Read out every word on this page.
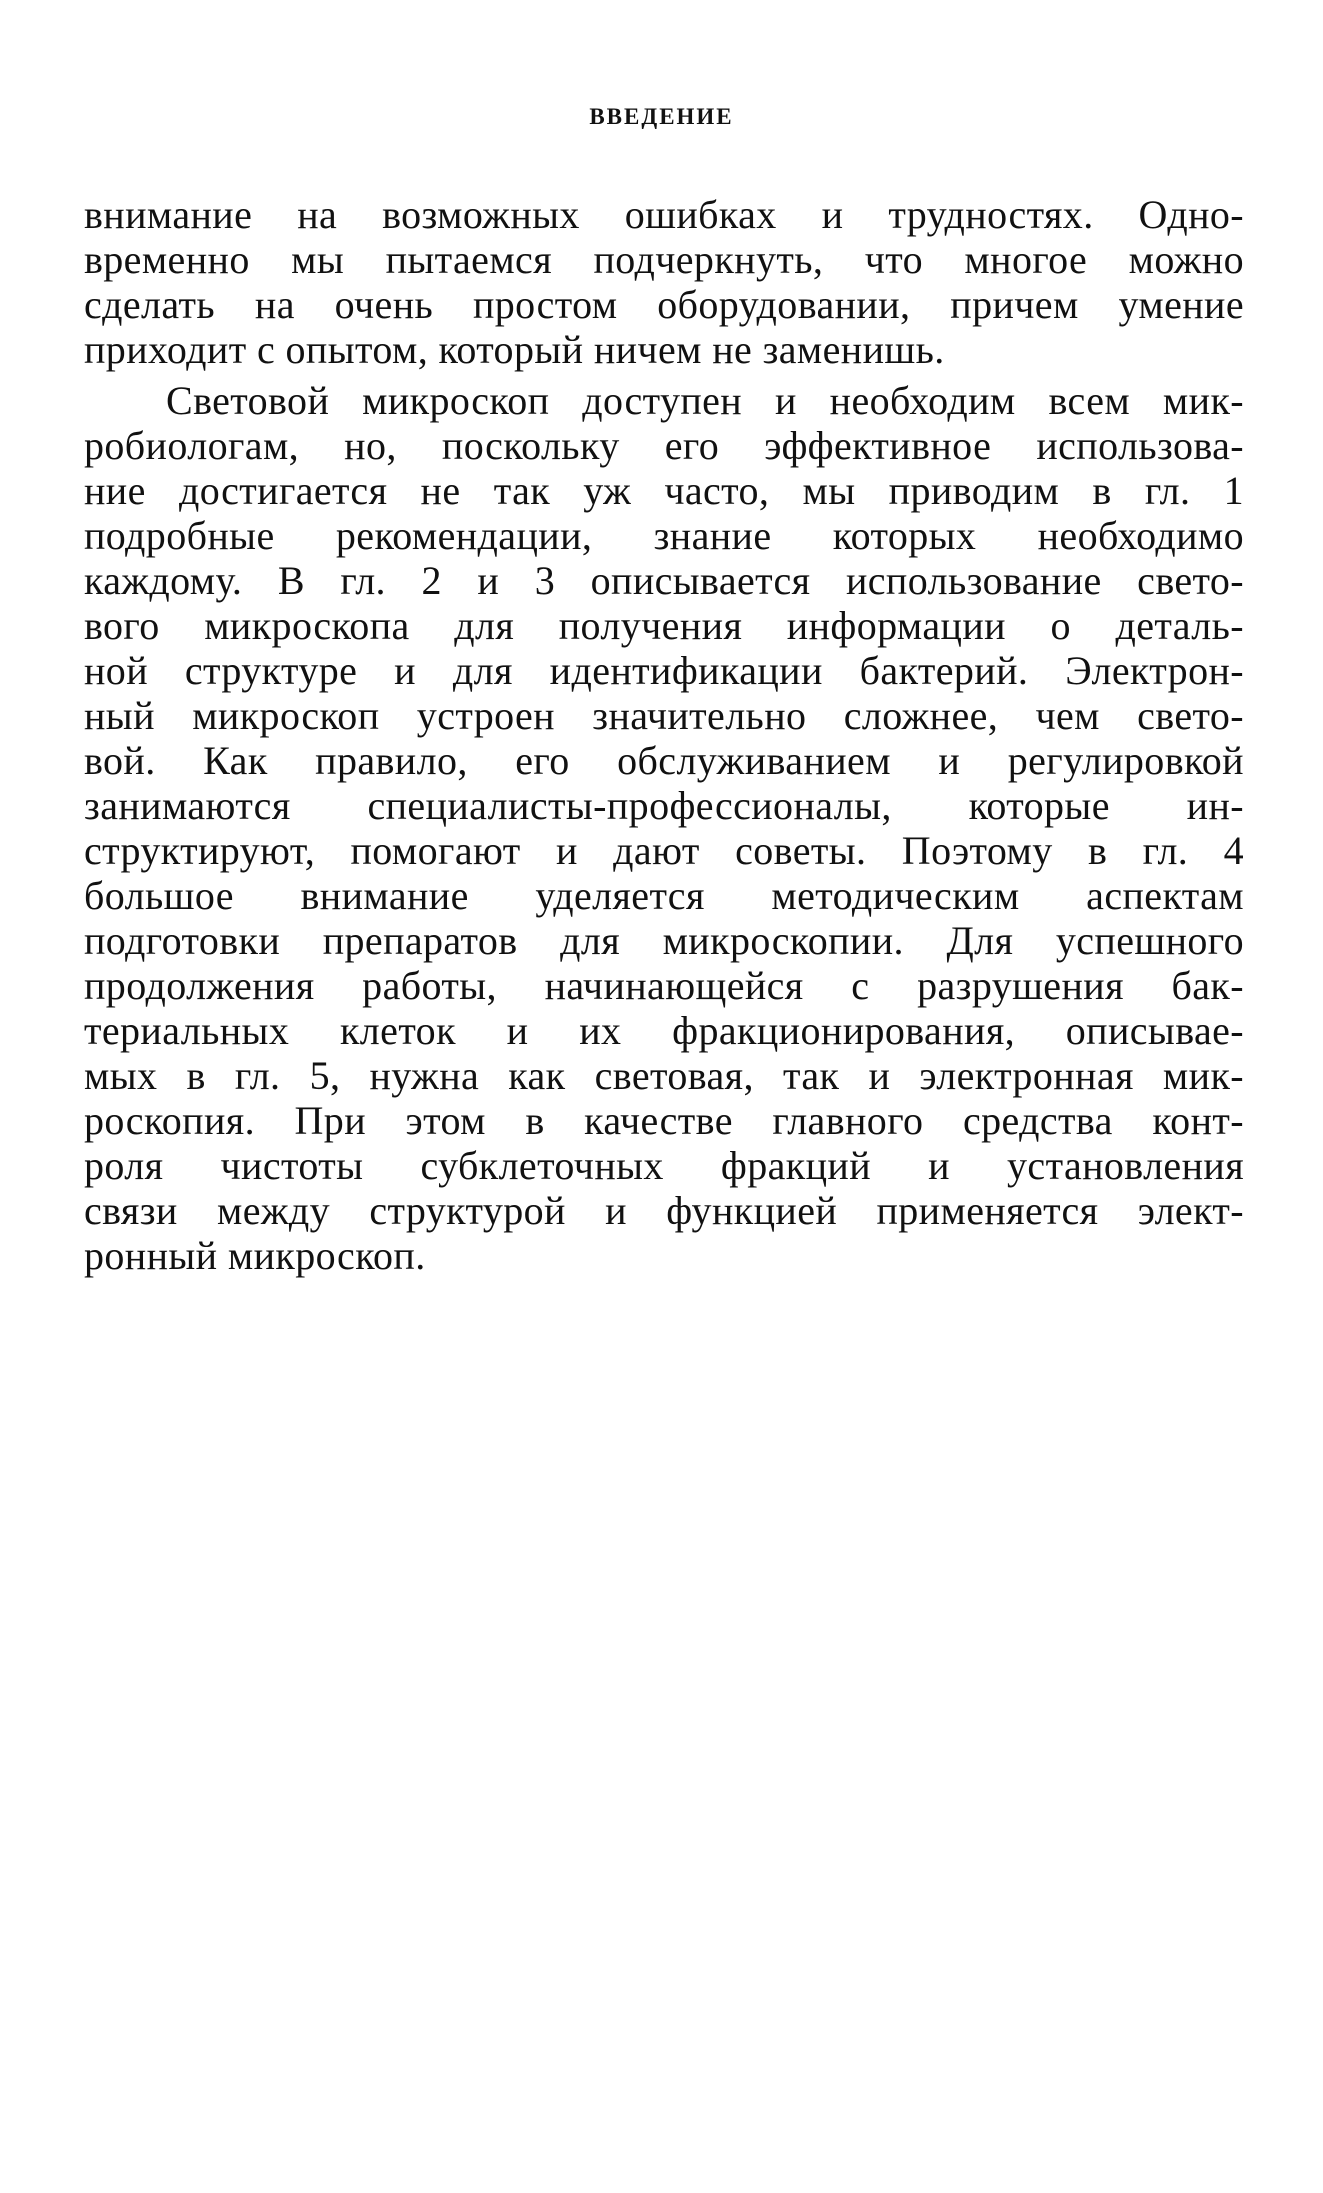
ВВЕДЕНИЕ
внимание на возможных ошибках и трудностях. Одно-
временно мы пытаемся подчеркнуть, что многое можно
сделать на очень простом оборудовании, причем умение
приходит с опытом, который ничем не заменишь.
Световой микроскоп доступен и необходим всем мик-
робиологам, но, поскольку его эффективное использова-
ние достигается не так уж часто, мы приводим в гл. 1
подробные рекомендации, знание которых необходимо
каждому. В гл. 2 и 3 описывается использование свето-
вого микроскопа для получения информации о деталь-
ной структуре и для идентификации бактерий. Электрон-
ный микроскоп устроен значительно сложнее, чем свето-
вой. Как правило, его обслуживанием и регулировкой
занимаются специалисты-профессионалы, которые ин-
структируют, помогают и дают советы. Поэтому в гл. 4
большое внимание уделяется методическим аспектам
подготовки препаратов для микроскопии. Для успешного
продолжения работы, начинающейся с разрушения бак-
териальных клеток и их фракционирования, описывае-
мых в гл. 5, нужна как световая, так и электронная мик-
роскопия. При этом в качестве главного средства конт-
роля чистоты субклеточных фракций и установления
связи между структурой и функцией применяется элект-
ронный микроскоп.
